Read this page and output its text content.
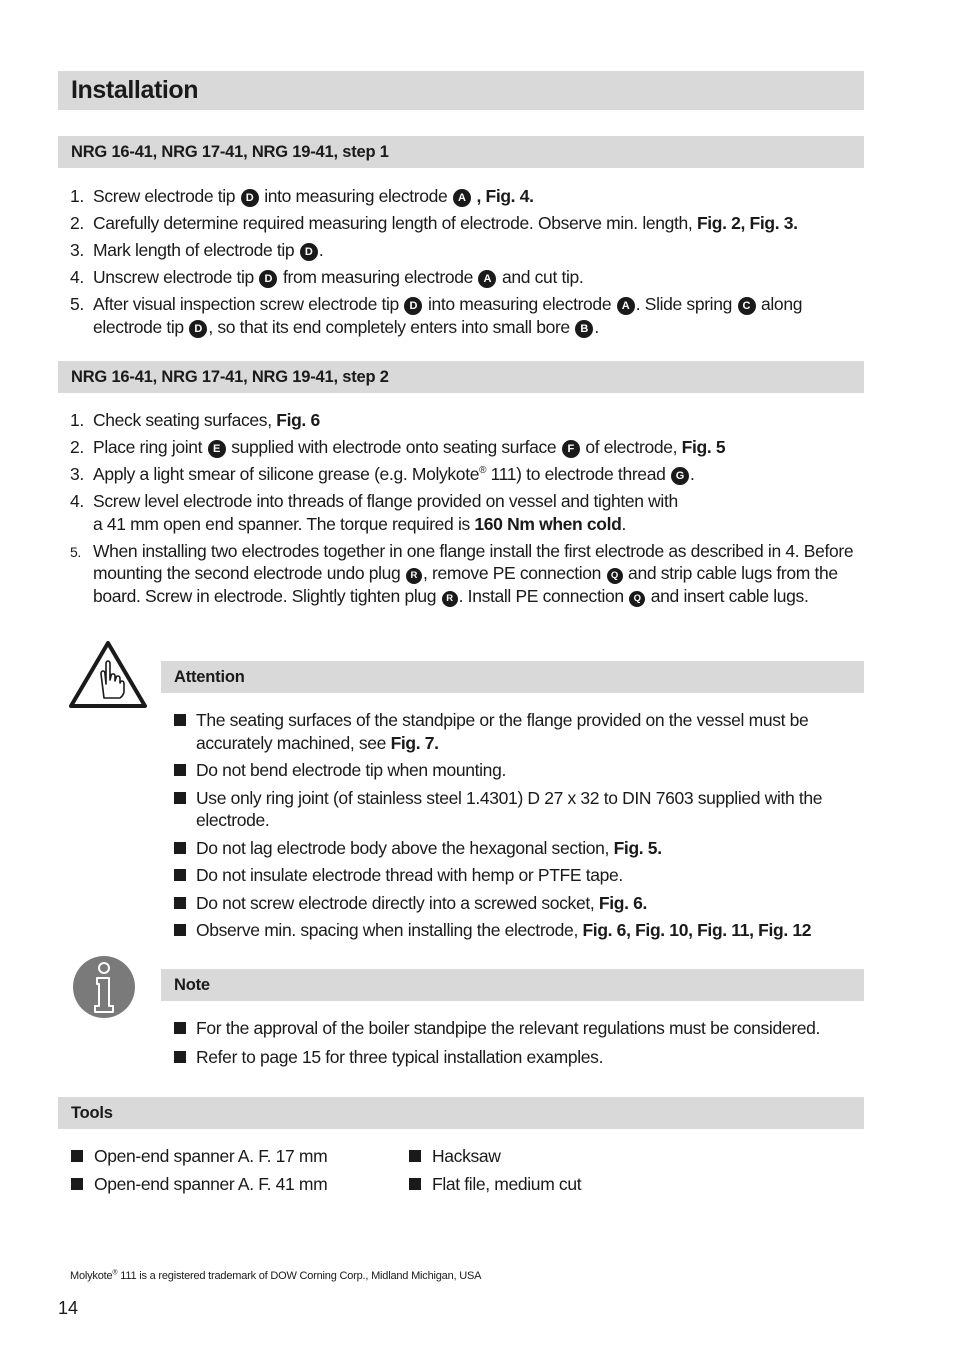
Installation
NRG 16-41, NRG 17-41, NRG 19-41, step 1
1. Screw electrode tip D into measuring electrode A , Fig. 4.
2. Carefully determine required measuring length of electrode. Observe min. length, Fig. 2, Fig. 3.
3. Mark length of electrode tip D .
4. Unscrew electrode tip D from measuring electrode A and cut tip.
5. After visual inspection screw electrode tip D into measuring electrode A . Slide spring C along electrode tip D , so that its end completely enters into small bore B .
NRG 16-41, NRG 17-41, NRG 19-41, step 2
1. Check seating surfaces, Fig. 6
2. Place ring joint E supplied with electrode onto seating surface F of electrode, Fig. 5
3. Apply a light smear of silicone grease (e.g. Molykote® 111) to electrode thread G .
4. Screw level electrode into threads of flange provided on vessel and tighten with
a 41 mm open end spanner. The torque required is 160 Nm when cold.
5. When installing two electrodes together in one flange install the first electrode as described in 4. Before mounting the second electrode undo plug R , remove PE connection Q and strip cable lugs from the board. Screw in electrode. Slightly tighten plug R . Install PE connection Q and insert cable lugs.
Attention
The seating surfaces of the standpipe or the flange provided on the vessel must be accurately machined, see Fig. 7.
Do not bend electrode tip when mounting.
Use only ring joint (of stainless steel 1.4301) D 27 x 32 to DIN 7603 supplied with the electrode.
Do not lag electrode body above the hexagonal section, Fig. 5.
Do not insulate electrode thread with hemp or PTFE tape.
Do not screw electrode directly into a screwed socket, Fig. 6.
Observe min. spacing when installing the electrode, Fig. 6, Fig. 10, Fig. 11, Fig. 12
Note
For the approval of the boiler standpipe the relevant regulations must be considered.
Refer to page 15 for three typical installation examples.
Tools
Open-end spanner A. F. 17 mm
Open-end spanner A. F. 41 mm
Hacksaw
Flat file, medium cut
Molykote® 111 is a registered trademark of DOW Corning Corp., Midland Michigan, USA
14
